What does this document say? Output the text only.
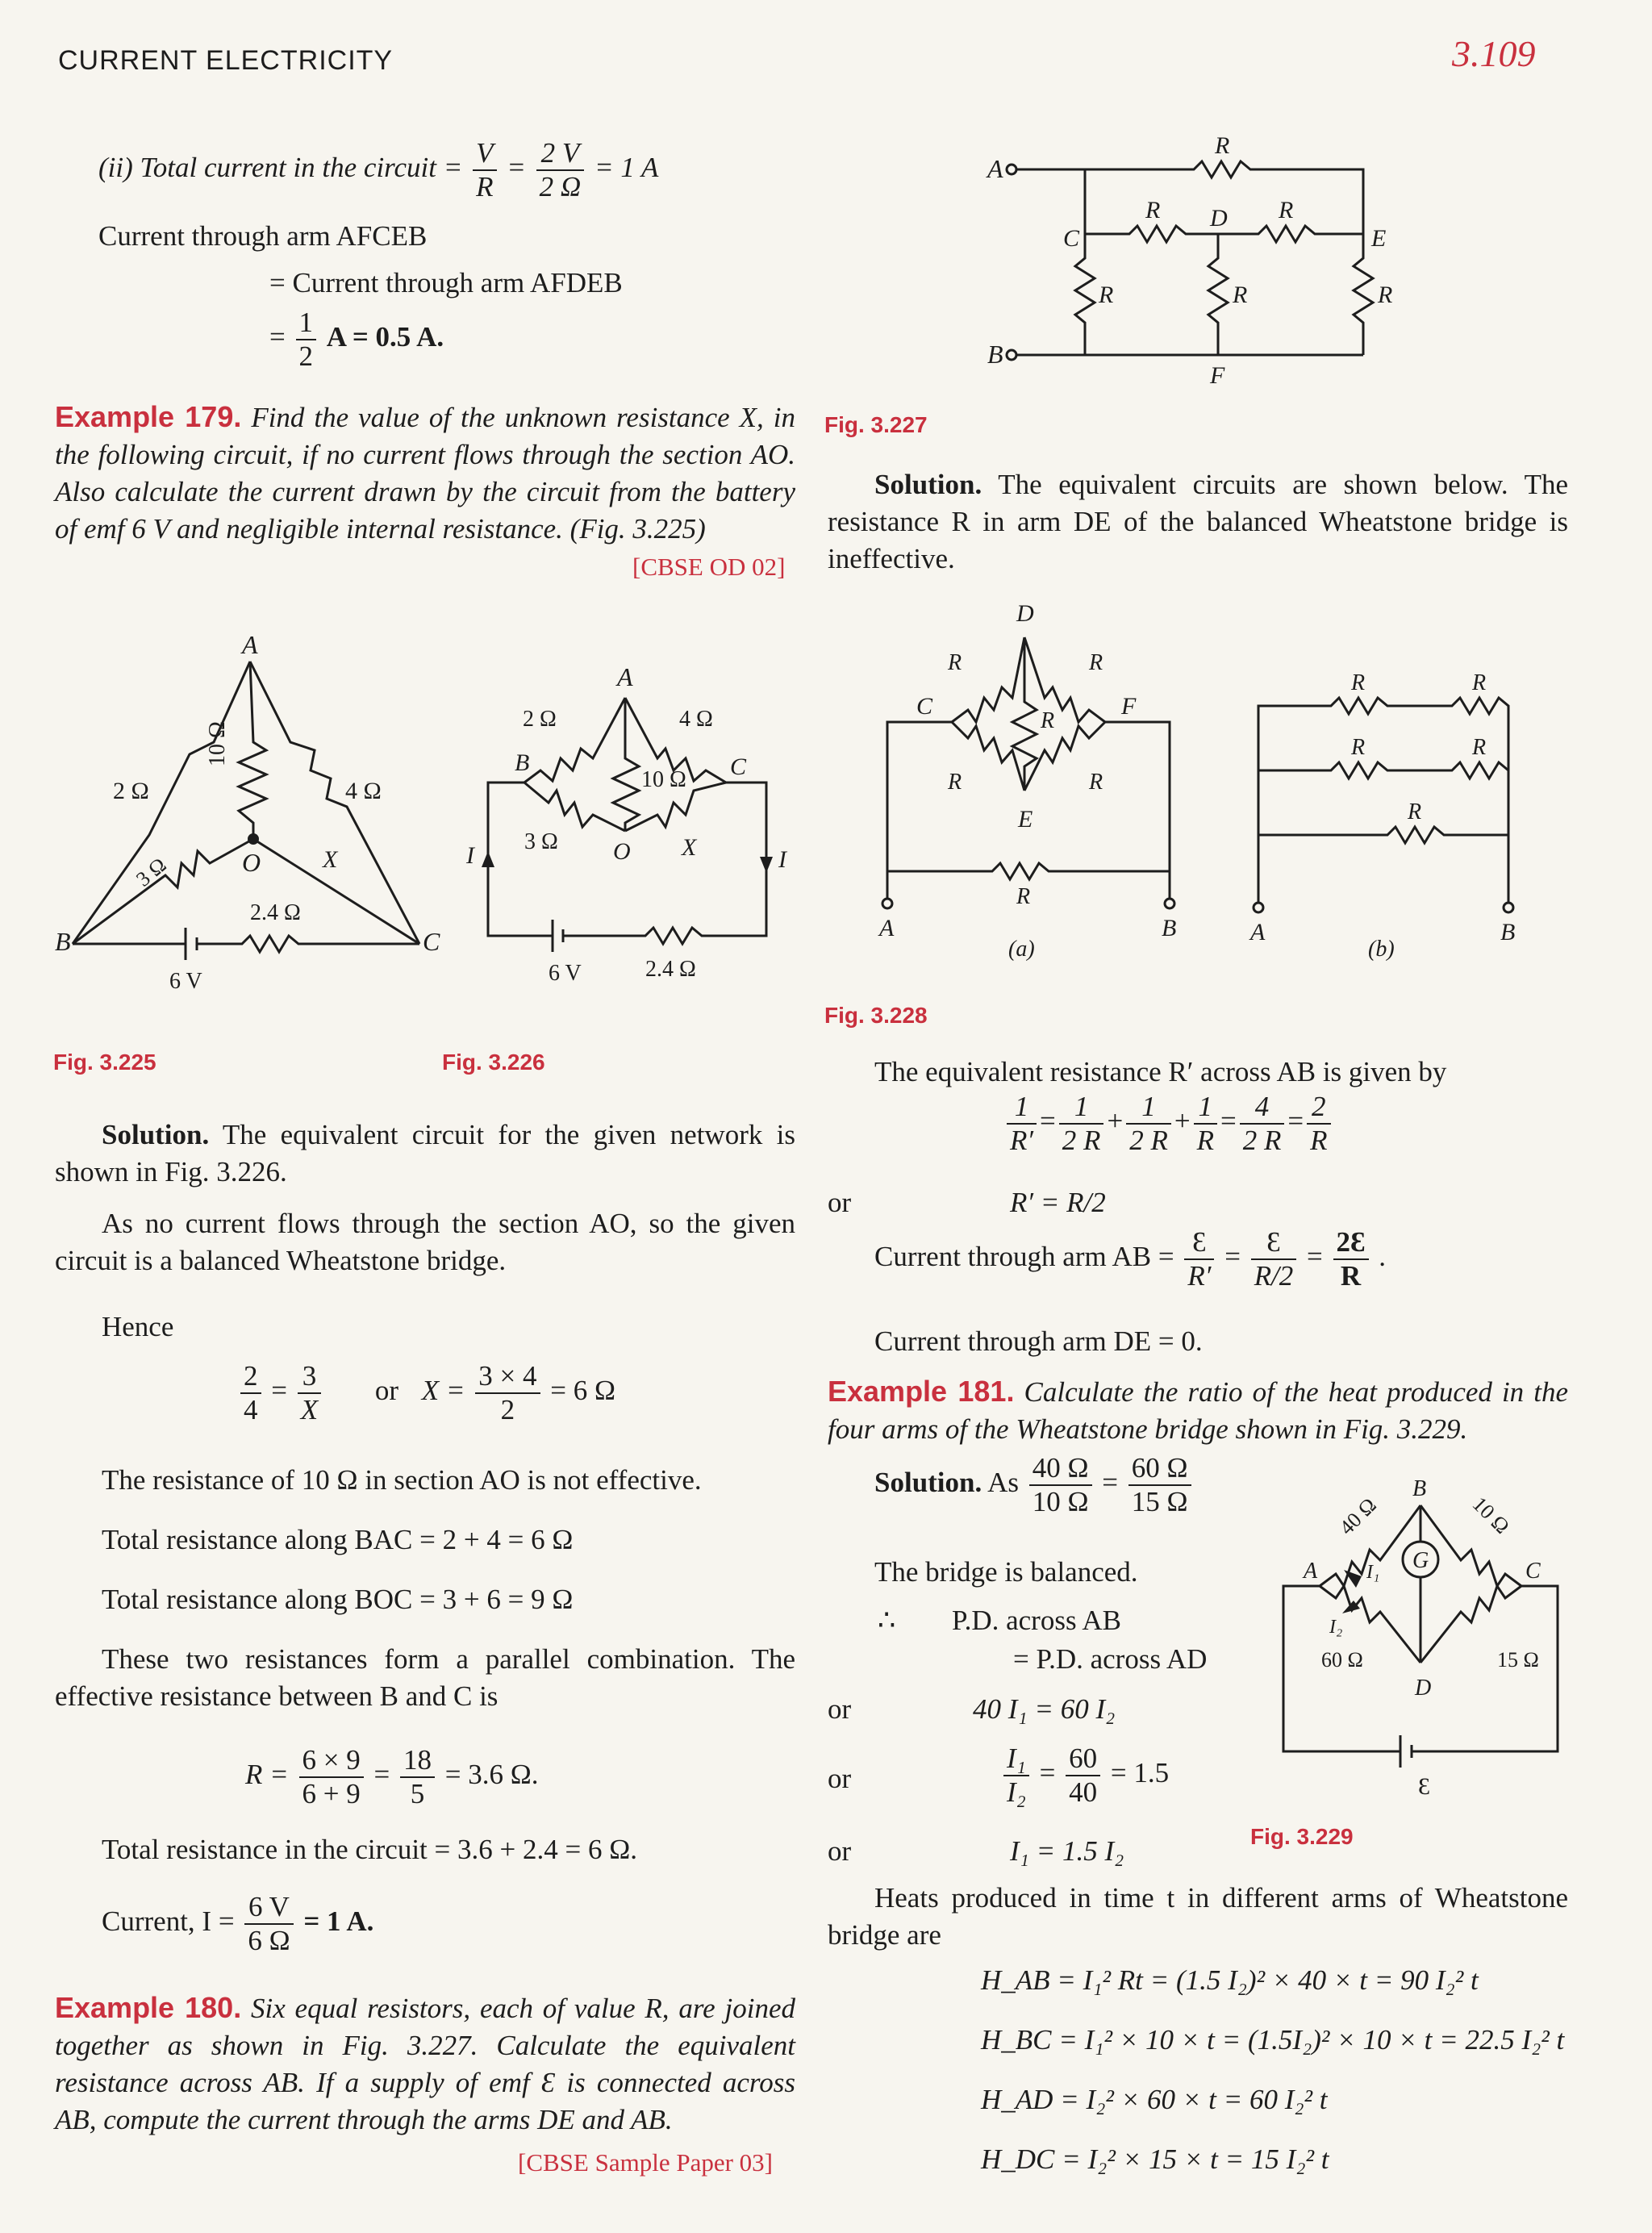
CURRENT ELECTRICITY	3.109
(ii) Total current in the circuit = $\frac{V}{R} = \frac{2 V}{2 \Omega} = 1$ A
Current through arm AFCEB
= Current through arm AFDEB
= $\frac{1}{2}$ A = 0.5 A.
Example 179. Find the value of the unknown resistance X, in the following circuit, if no current flows through the section AO. Also calculate the current drawn by the circuit from the battery of emf 6 V and negligible internal resistance. (Fig. 3.225)
[CBSE OD 02]
A
B	C
O
2 Ω
10 Ω
4 Ω
3 Ω	X
2.4 Ω
6 V
A
B	C
O
2 Ω	4 Ω
10 Ω
3 Ω	X
2.4 Ω
6 V
I	I
Fig. 3.225	Fig. 3.226
Solution. The equivalent circuit for the given network is shown in Fig. 3.226.
As no current flows through the section AO, so the given circuit is a balanced Wheatstone bridge.
Hence
$\frac{2}{4} = \frac{3}{X}$ or $X = \frac{3 \times 4}{2} = 6$ Ω
The resistance of 10 Ω in section AO is not effective.
Total resistance along BAC = 2 + 4 = 6 Ω
Total resistance along BOC = 3 + 6 = 9 Ω
These two resistances form a parallel combination. The effective resistance between B and C is
$R = \frac{6 \times 9}{6 + 9} = \frac{18}{5} = 3.6$ Ω.
Total resistance in the circuit = 3.6 + 2.4 = 6 Ω.
Current, $I = \frac{6 V}{6 \Omega} = 1$ A.
Example 180. Six equal resistors, each of value R, are joined together as shown in Fig. 3.227. Calculate the equivalent resistance across AB. If a supply of emf Ɛ is connected across AB, compute the current through the arms DE and AB.
[CBSE Sample Paper 03]
A
B
C
D
E
F
R
R	R
R	R	R
Fig. 3.227
Solution. The equivalent circuits are shown below. The resistance R in arm DE of the balanced Wheatstone bridge is ineffective.
D
C	F
E
R	R
R
R	R
R
A	B
(a)
R	R
R	R
R
A	B
(b)
Fig. 3.228
The equivalent resistance R′ across AB is given by
$\frac{1}{R'} = \frac{1}{2 R} + \frac{1}{2 R} + \frac{1}{R} = \frac{4}{2 R} = \frac{2}{R}$
or	R′ = R/2
Current through arm AB = $\frac{Ɛ}{R'} = \frac{Ɛ}{R/2} = \frac{2Ɛ}{R}$ .
Current through arm DE = 0.
Example 181. Calculate the ratio of the heat produced in the four arms of the Wheatstone bridge shown in Fig. 3.229.
Solution. As $\frac{40 \Omega}{10 \Omega} = \frac{60 \Omega}{15 \Omega}$
The bridge is balanced.
∴ P.D. across AB
= P.D. across AD
or	40 I₁ = 60 I₂
or	$\frac{\text{I₁}}{\text{I₂}} = \frac{60}{40} = 1.5$
or	I₁ = 1.5 I₂
G
B
A	C
D
40 Ω	10 Ω
60 Ω	15 Ω
I₁
I₂
Ɛ
Fig. 3.229
Heats produced in time t in different arms of Wheatstone bridge are
H_AB = I₁² Rt = (1.5 I₂)² × 40 × t = 90 I₂² t
H_BC = I₁² × 10 × t = (1.5I₂)² × 10 × t = 22.5 I₂² t
H_AD = I₂² × 60 × t = 60 I₂² t
H_DC = I₂² × 15 × t = 15 I₂² t
